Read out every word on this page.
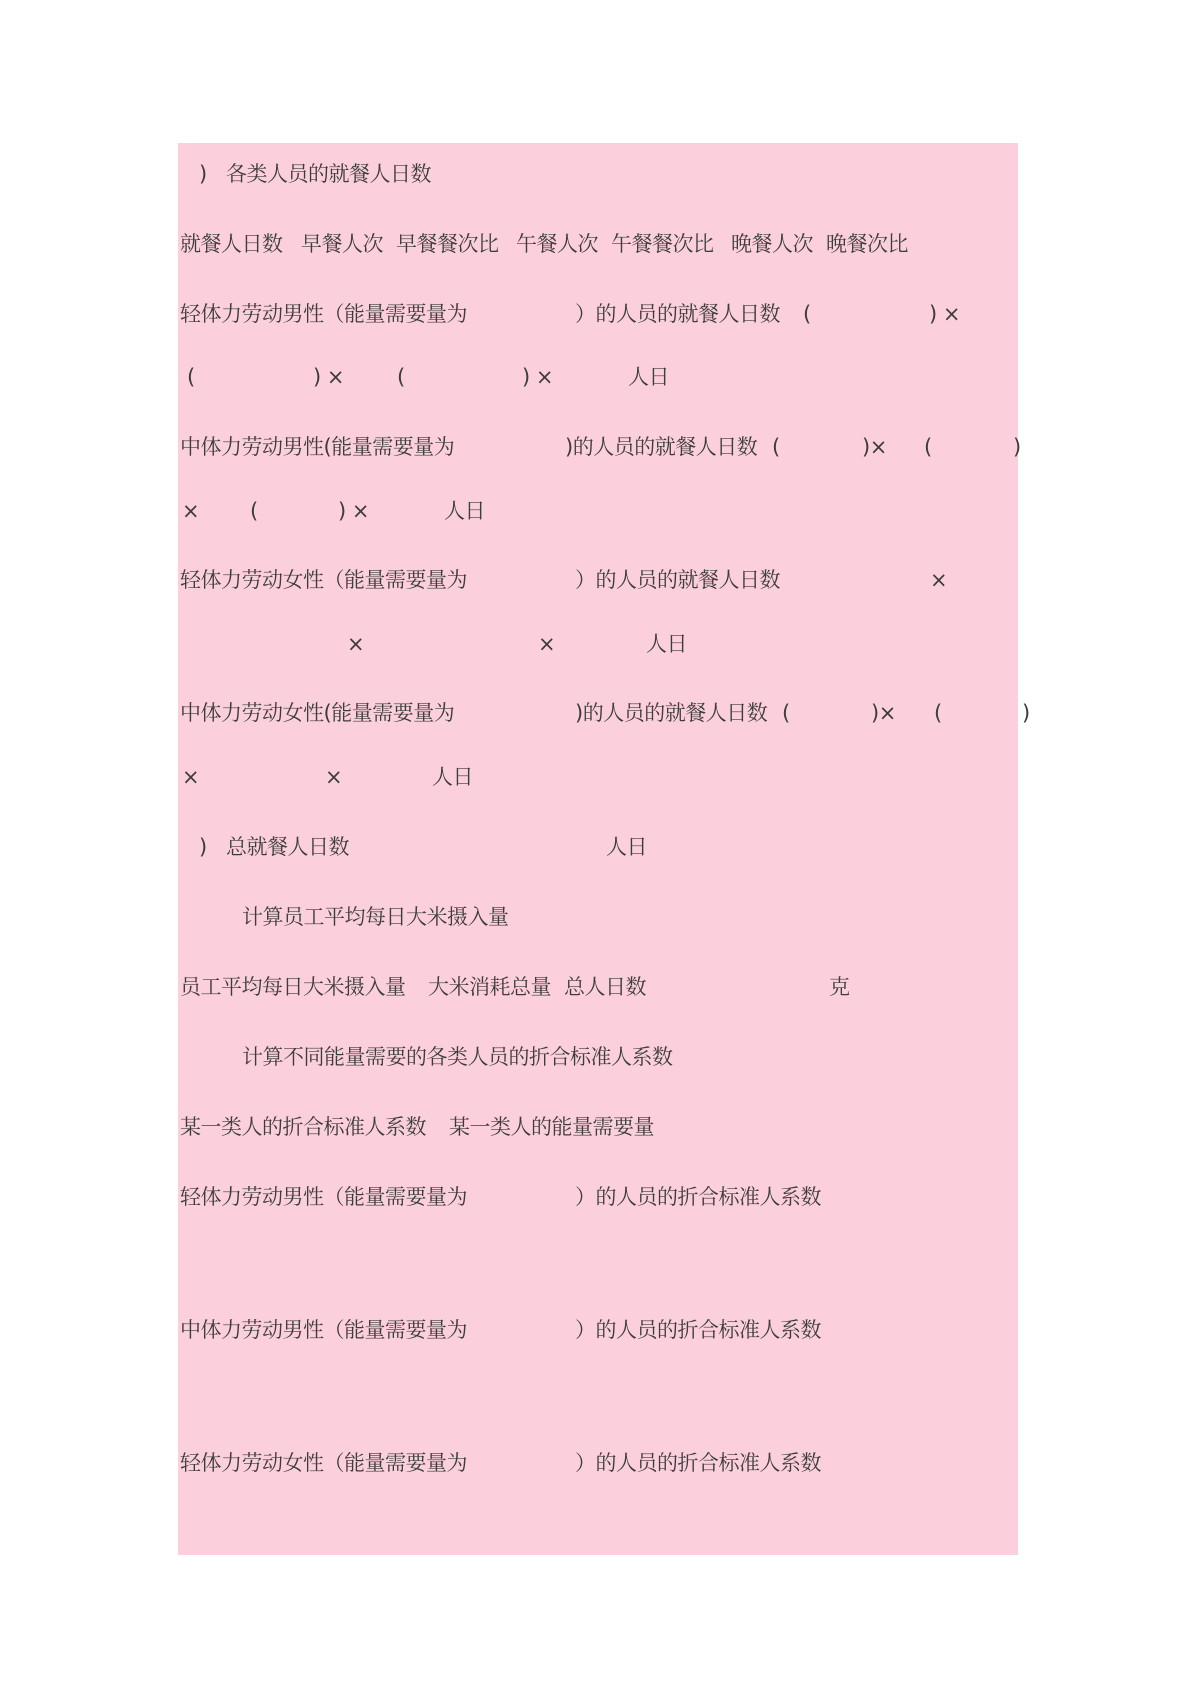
) 各类人员的就餐人日数
就餐人日数 早餐人次 早餐餐次比 午餐人次 午餐餐次比 晚餐人次 晚餐次比
轻体力劳动男性（能量需要量为	）的人员的就餐人日数 (	) ×
(	) ×	(	) ×	人日
中体力劳动男性(能量需要量为	)的人员的就餐人日数 (	)× (	)
× (	) ×	人日
轻体力劳动女性（能量需要量为	）的人员的就餐人日数	×
×	×	人日
中体力劳动女性(能量需要量为	)的人员的就餐人日数 (	)× (	)
×	×	人日
) 总就餐人日数	人日
计算员工平均每日大米摄入量
员工平均每日大米摄入量 大米消耗总量 总人日数	克
计算不同能量需要的各类人员的折合标准人系数
某一类人的折合标准人系数 某一类人的能量需要量
轻体力劳动男性（能量需要量为	）的人员的折合标准人系数
中体力劳动男性（能量需要量为	）的人员的折合标准人系数
轻体力劳动女性（能量需要量为	）的人员的折合标准人系数
